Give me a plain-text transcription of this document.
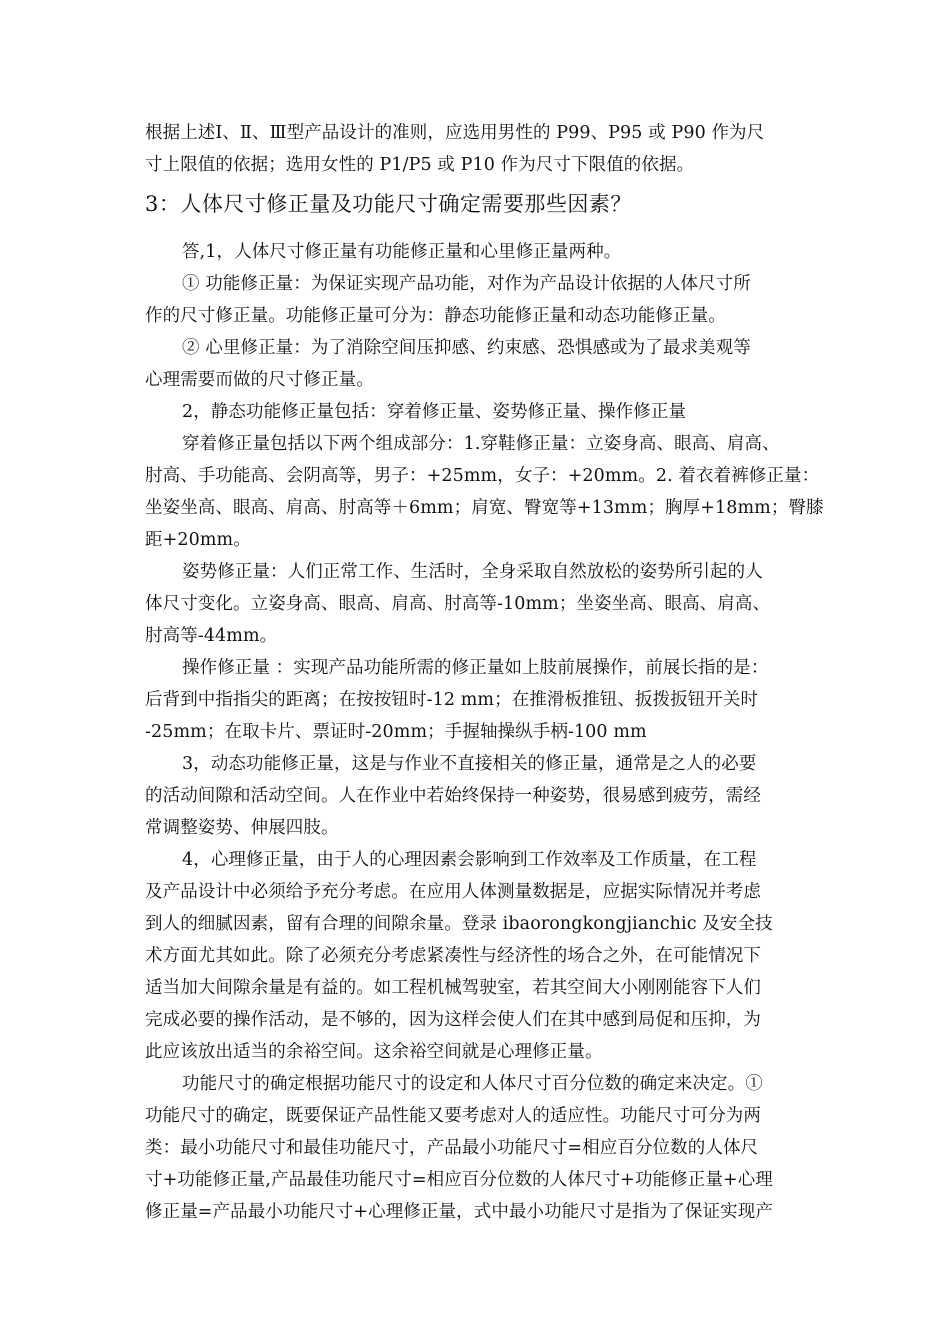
根据上述Ⅰ、Ⅱ、Ⅲ型产品设计的准则，应选用男性的 P99、P95 或 P90 作为尺
寸上限值的依据；选用女性的 P1/P5 或 P10 作为尺寸下限值的依据。
3：人体尺寸修正量及功能尺寸确定需要那些因素？
答,1，人体尺寸修正量有功能修正量和心里修正量两种。
① 功能修正量：为保证实现产品功能，对作为产品设计依据的人体尺寸所
作的尺寸修正量。功能修正量可分为：静态功能修正量和动态功能修正量。
② 心里修正量：为了消除空间压抑感、约束感、恐惧感或为了最求美观等
心理需要而做的尺寸修正量。
2，静态功能修正量包括：穿着修正量、姿势修正量、操作修正量
穿着修正量包括以下两个组成部分：1.穿鞋修正量：立姿身高、眼高、肩高、
肘高、手功能高、会阴高等，男子：+25mm，女子：+20mm。2. 着衣着裤修正量：
坐姿坐高、眼高、肩高、肘高等＋6mm；肩宽、臀宽等+13mm；胸厚+18mm；臀膝
距+20mm。
姿势修正量：人们正常工作、生活时，全身采取自然放松的姿势所引起的人
体尺寸变化。立姿身高、眼高、肩高、肘高等-10mm；坐姿坐高、眼高、肩高、
肘高等-44mm。
操作修正量 ：实现产品功能所需的修正量如上肢前展操作，前展长指的是：
后背到中指指尖的距离；在按按钮时-12 mm；在推滑板推钮、扳拨扳钮开关时
-25mm；在取卡片、票证时-20mm；手握轴操纵手柄-100 mm
3，动态功能修正量，这是与作业不直接相关的修正量，通常是之人的必要
的活动间隙和活动空间。人在作业中若始终保持一种姿势，很易感到疲劳，需经
常调整姿势、伸展四肢。
4，心理修正量，由于人的心理因素会影响到工作效率及工作质量，在工程
及产品设计中必须给予充分考虑。在应用人体测量数据是，应据实际情况并考虑
到人的细腻因素，留有合理的间隙余量。登录 ibaorongkongjianchic 及安全技
术方面尤其如此。除了必须充分考虑紧凑性与经济性的场合之外，在可能情况下
适当加大间隙余量是有益的。如工程机械驾驶室，若其空间大小刚刚能容下人们
完成必要的操作活动，是不够的，因为这样会使人们在其中感到局促和压抑，为
此应该放出适当的余裕空间。这余裕空间就是心理修正量。
功能尺寸的确定根据功能尺寸的设定和人体尺寸百分位数的确定来决定。①
功能尺寸的确定，既要保证产品性能又要考虑对人的适应性。功能尺寸可分为两
类：最小功能尺寸和最佳功能尺寸，产品最小功能尺寸=相应百分位数的人体尺
寸+功能修正量,产品最佳功能尺寸=相应百分位数的人体尺寸+功能修正量+心理
修正量=产品最小功能尺寸+心理修正量，式中最小功能尺寸是指为了保证实现产
